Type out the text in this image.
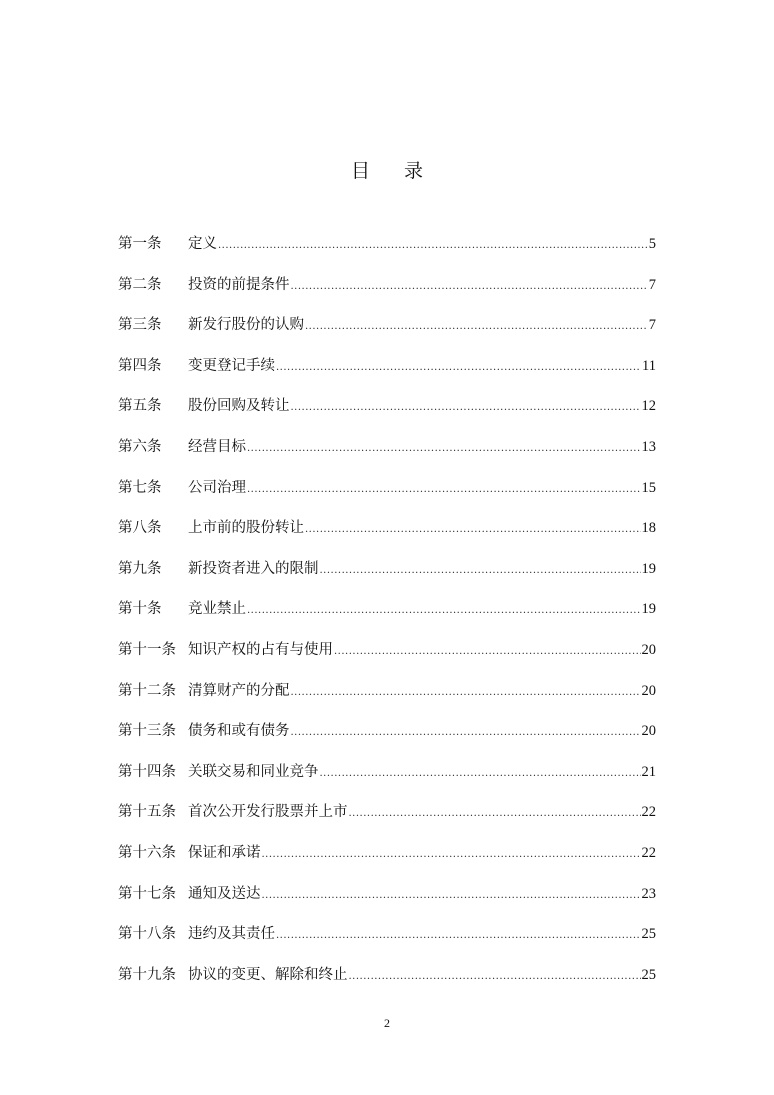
目 录
第一条	定义 .....	5
第二条	投资的前提条件 .....	7
第三条	新发行股份的认购 .....	7
第四条	变更登记手续 .....	11
第五条	股份回购及转让 .....	12
第六条	经营目标 .....	13
第七条	公司治理 .....	15
第八条	上市前的股份转让 .....	18
第九条	新投资者进入的限制 .....	19
第十条	竞业禁止 .....	19
第十一条 知识产权的占有与使用 .....	20
第十二条 清算财产的分配 .....	20
第十三条 债务和或有债务 .....	20
第十四条 关联交易和同业竞争 .....	21
第十五条 首次公开发行股票并上市 .....	22
第十六条 保证和承诺 .....	22
第十七条 通知及送达 .....	23
第十八条 违约及其责任 .....	25
第十九条 协议的变更、解除和终止 .....	25
2
